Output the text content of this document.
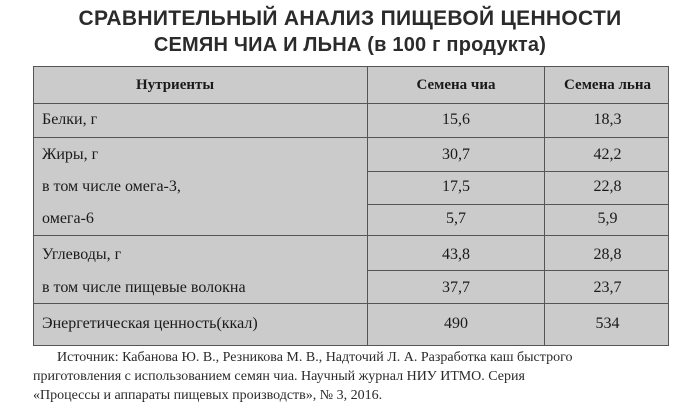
СРАВНИТЕЛЬНЫЙ АНАЛИЗ ПИЩЕВОЙ ЦЕННОСТИ
СЕМЯН ЧИА И ЛЬНА (в 100 г продукта)
Нутриенты	Семена чиа	Семена льна
Белки, г	15,6	18,3
Жиры, г	30,7	42,2
в том числе омега-3,	17,5	22,8
омега-6	5,7	5,9
Углеводы, г	43,8	28,8
в том числе пищевые волокна	37,7	23,7
Энергетическая ценность(ккал)	490	534

Источник: Кабанова Ю. В., Резникова М. В., Надточий Л. А. Разработка каш быстрого

приготовления с использованием семян чиа. Научный журнал НИУ ИТМО. Серия

«Процессы и аппараты пищевых производств», № 3, 2016.
